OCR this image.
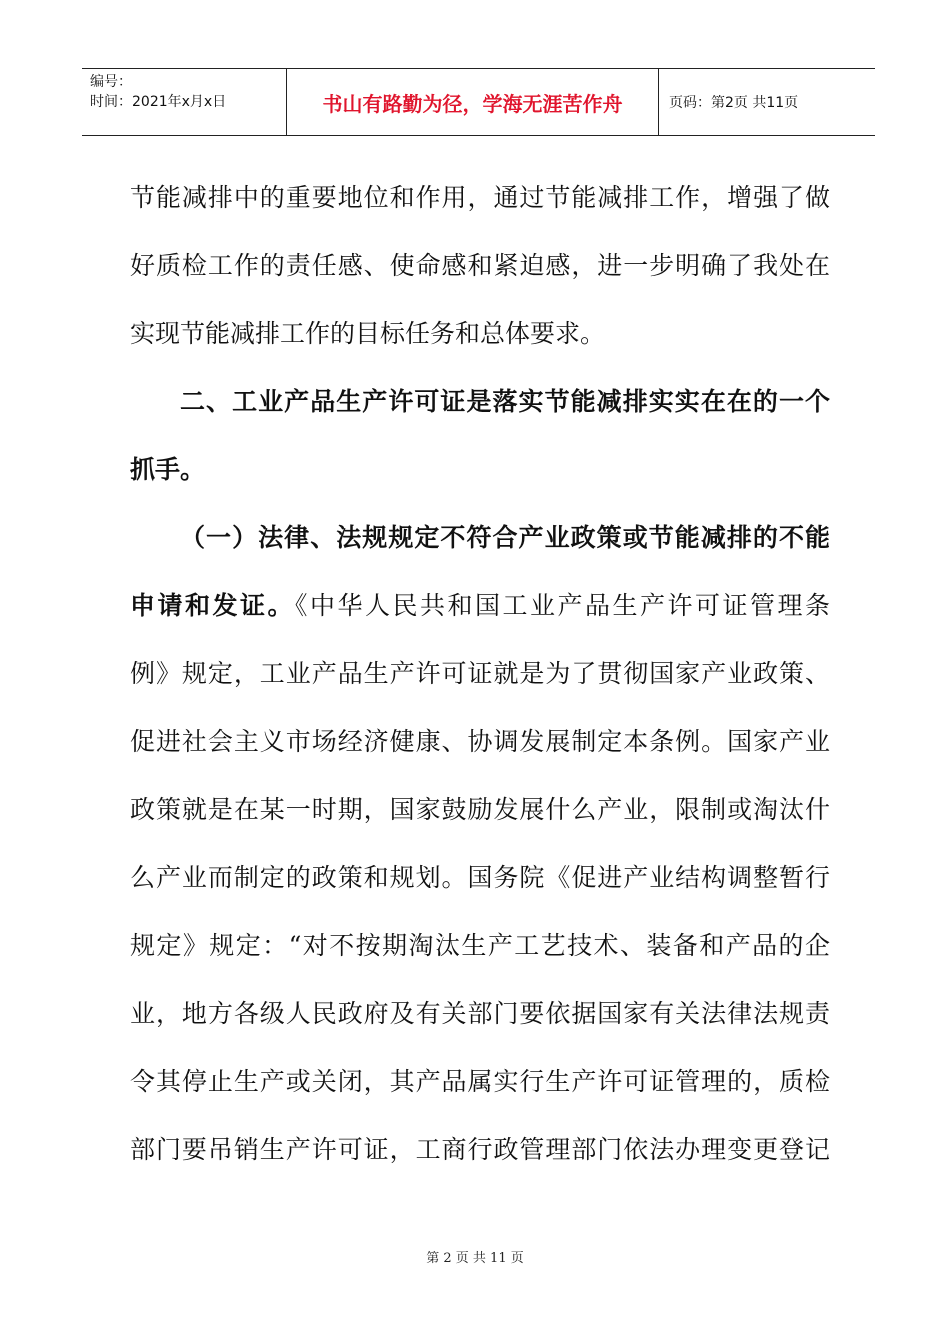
编号：
时间：2021年x月x日	书山有路勤为径，学海无涯苦作舟	页码：第2页 共11页
节能减排中的重要地位和作用，通过节能减排工作，增强了做
好质检工作的责任感、使命感和紧迫感，进一步明确了我处在
实现节能减排工作的目标任务和总体要求。
二、工业产品生产许可证是落实节能减排实实在在的一个
抓手。
（一）法律、法规规定不符合产业政策或节能减排的不能
申请和发证。《中华人民共和国工业产品生产许可证管理条
例》规定，工业产品生产许可证就是为了贯彻国家产业政策、
促进社会主义市场经济健康、协调发展制定本条例。国家产业
政策就是在某一时期，国家鼓励发展什么产业，限制或淘汰什
么产业而制定的政策和规划。国务院《促进产业结构调整暂行
规定》规定：“对不按期淘汰生产工艺技术、装备和产品的企
业，地方各级人民政府及有关部门要依据国家有关法律法规责
令其停止生产或关闭，其产品属实行生产许可证管理的，质检
部门要吊销生产许可证，工商行政管理部门依法办理变更登记
第 2 页 共 11 页
